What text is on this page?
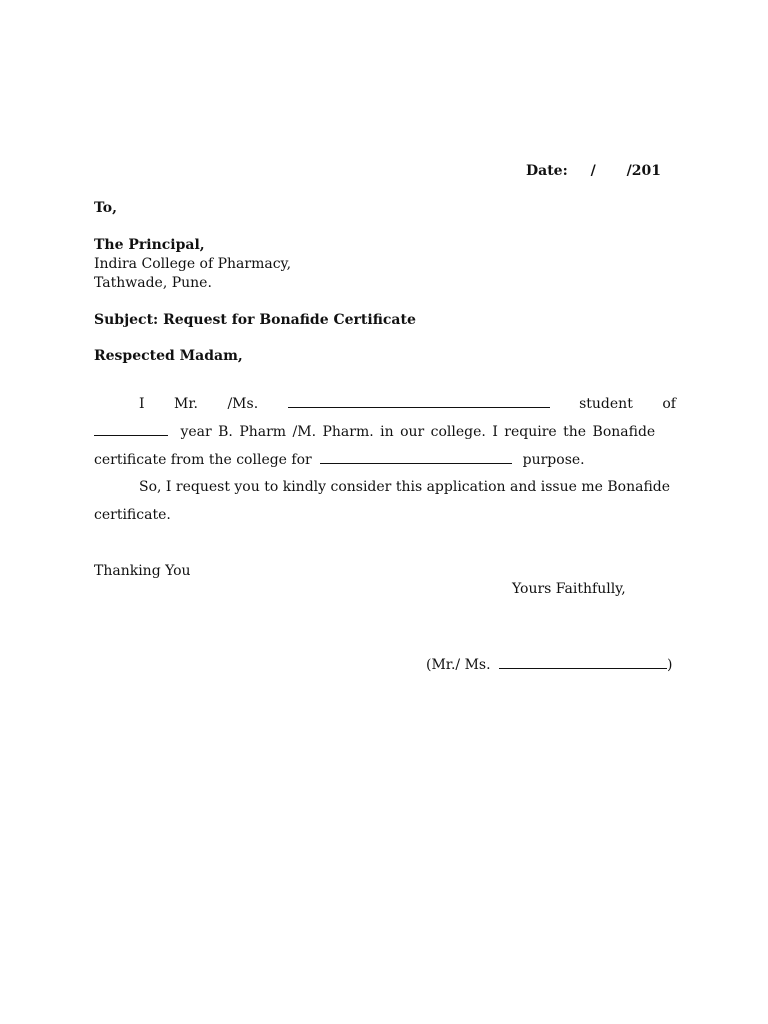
Date: / /201
To,
The Principal,
Indira College of Pharmacy,
Tathwade, Pune.
Subject: Request for Bonafide Certificate
Respected Madam,
I Mr. /Ms.	student of
year B. Pharm /M. Pharm. in our college. I require the Bonafide
certificate from the college for	purpose.
So, I request you to kindly consider this application and issue me Bonafide
certificate.
Thanking You
Yours Faithfully,
(Mr./ Ms.	)
